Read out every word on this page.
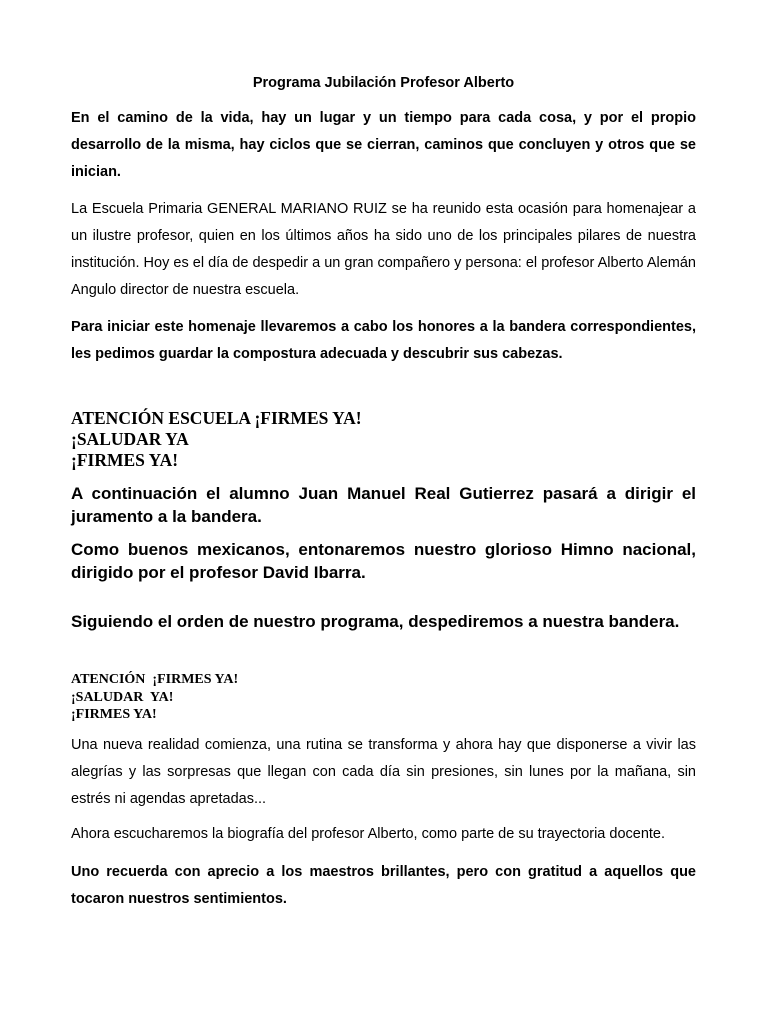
Programa Jubilación Profesor Alberto

En el camino de la vida, hay un lugar y un tiempo para cada cosa, y por el propio desarrollo de la misma, hay ciclos que se cierran, caminos que concluyen y otros que se inician.

La Escuela Primaria GENERAL MARIANO RUIZ se ha reunido esta ocasión para homenajear a un ilustre profesor, quien en los últimos años ha sido uno de los principales pilares de nuestra institución. Hoy es el día de despedir a un gran compañero y persona: el profesor Alberto Alemán Angulo director de nuestra escuela.

Para iniciar este homenaje llevaremos a cabo los honores a la bandera correspondientes, les pedimos guardar la compostura adecuada y descubrir sus cabezas.

ATENCIÓN ESCUELA ¡FIRMES YA!
¡SALUDAR YA
¡FIRMES YA!

A continuación el alumno Juan Manuel Real Gutierrez pasará a dirigir el juramento a la bandera.

Como buenos mexicanos, entonaremos nuestro glorioso Himno nacional, dirigido por el profesor David Ibarra.

Siguiendo el orden de nuestro programa, despediremos a nuestra bandera.

ATENCIÓN  ¡FIRMES YA!
¡SALUDAR  YA!
¡FIRMES YA!

Una nueva realidad comienza, una rutina se transforma y ahora hay que disponerse a vivir las alegrías y las sorpresas que llegan con cada día sin presiones, sin lunes por la mañana, sin estrés ni agendas apretadas...

Ahora escucharemos la biografía del profesor Alberto, como parte de su trayectoria docente.

Uno recuerda con aprecio a los maestros brillantes, pero con gratitud a aquellos que tocaron nuestros sentimientos.
